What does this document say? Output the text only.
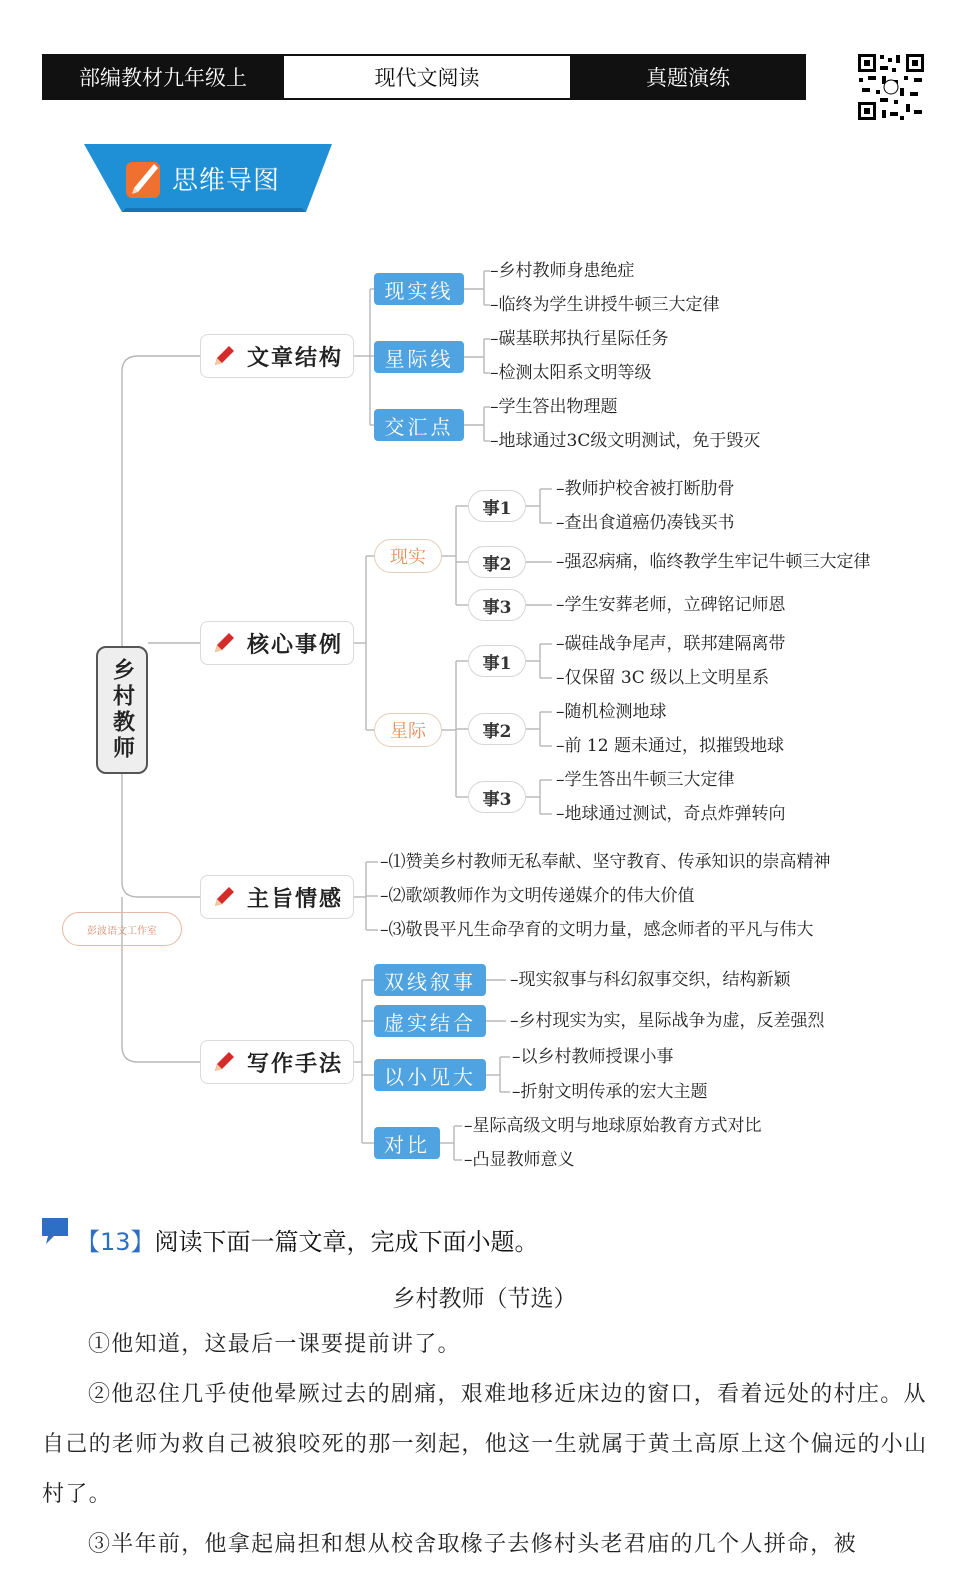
部编教材九年级上	现代文阅读	真题演练
思维导图
乡村教师
彭波语文工作室
文章结构
核心事例
主旨情感
写作手法
现实线
星际线
交汇点
–乡村教师身患绝症
–临终为学生讲授牛顿三大定律
–碳基联邦执行星际任务
–检测太阳系文明等级
–学生答出物理题
–地球通过3C级文明测试，免于毁灭
现实
星际
事1
事2
事3
事1
事2
事3
–教师护校舍被打断肋骨
–查出食道癌仍凑钱买书
–强忍病痛，临终教学生牢记牛顿三大定律
–学生安葬老师，立碑铭记师恩
–碳硅战争尾声，联邦建隔离带
–仅保留 3C 级以上文明星系
–随机检测地球
–前 12 题未通过，拟摧毁地球
–学生答出牛顿三大定律
–地球通过测试，奇点炸弹转向
–⑴赞美乡村教师无私奉献、坚守教育、传承知识的崇高精神
–⑵歌颂教师作为文明传递媒介的伟大价值
–⑶敬畏平凡生命孕育的文明力量，感念师者的平凡与伟大
双线叙事
虚实结合
以小见大
对比
–现实叙事与科幻叙事交织，结构新颖
–乡村现实为实，星际战争为虚，反差强烈
–以乡村教师授课小事
–折射文明传承的宏大主题
–星际高级文明与地球原始教育方式对比
–凸显教师意义
【13】阅读下面一篇文章，完成下面小题。
乡村教师（节选）
①他知道，这最后一课要提前讲了。
②他忍住几乎使他晕厥过去的剧痛，艰难地移近床边的窗口，看着远处的村庄。从自己的老师为救自己被狼咬死的那一刻起，他这一生就属于黄土高原上这个偏远的小山村了。
③半年前，他拿起扁担和想从校舍取椽子去修村头老君庙的几个人拼命，被
